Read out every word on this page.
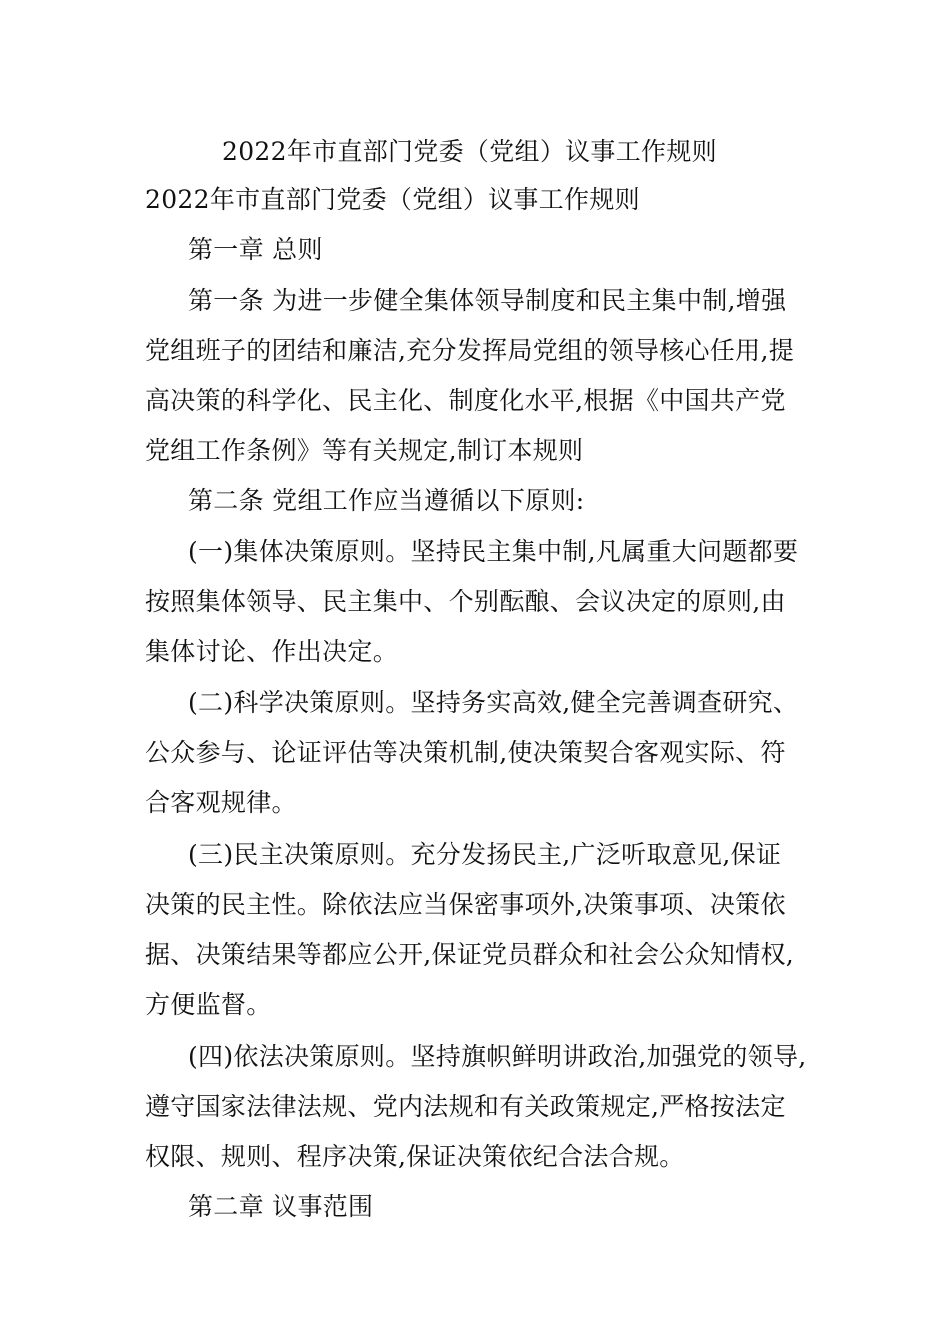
2022年市直部门党委（党组）议事工作规则
2022年市直部门党委（党组）议事工作规则
第一章 总则
第一条 为进一步健全集体领导制度和民主集中制,增强
党组班子的团结和廉洁,充分发挥局党组的领导核心任用,提
高决策的科学化、民主化、制度化水平,根据《中国共产党
党组工作条例》等有关规定,制订本规则
第二条 党组工作应当遵循以下原则:
(一)集体决策原则。坚持民主集中制,凡属重大问题都要
按照集体领导、民主集中、个别酝酿、会议决定的原则,由
集体讨论、作出决定。
(二)科学决策原则。坚持务实高效,健全完善调查研究、
公众参与、论证评估等决策机制,使决策契合客观实际、符
合客观规律。
(三)民主决策原则。充分发扬民主,广泛听取意见,保证
决策的民主性。除依法应当保密事项外,决策事项、决策依
据、决策结果等都应公开,保证党员群众和社会公众知情权,
方便监督。
(四)依法决策原则。坚持旗帜鲜明讲政治,加强党的领导,
遵守国家法律法规、党内法规和有关政策规定,严格按法定
权限、规则、程序决策,保证决策依纪合法合规。
第二章 议事范围
